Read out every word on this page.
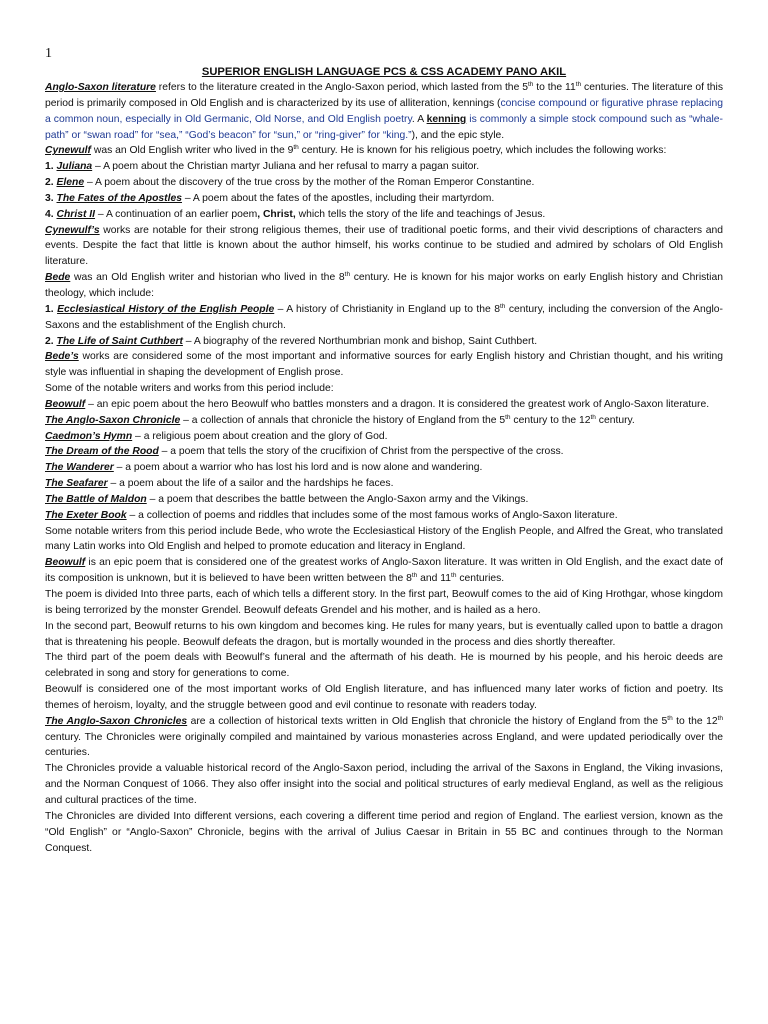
1
SUPERIOR ENGLISH LANGUAGE PCS & CSS ACADEMY PANO AKIL

Anglo-Saxon literature refers to the literature created in the Anglo-Saxon period, which lasted from the 5th to the 11th centuries. The literature of this period is primarily composed in Old English and is characterized by its use of alliteration, kennings (concise compound or figurative phrase replacing a common noun, especially in Old Germanic, Old Norse, and Old English poetry. A kenning is commonly a simple stock compound such as “whale-path” or “swan road” for “sea,” “God’s beacon” for “sun,” or “ring-giver” for “king.”), and the epic style.

Cynewulf was an Old English writer who lived in the 9th century. He is known for his religious poetry, which includes the following works:

1. Juliana – A poem about the Christian martyr Juliana and her refusal to marry a pagan suitor.

2. Elene – A poem about the discovery of the true cross by the mother of the Roman Emperor Constantine.

3. The Fates of the Apostles – A poem about the fates of the apostles, including their martyrdom.

4. Christ II – A continuation of an earlier poem, Christ, which tells the story of the life and teachings of Jesus.

Cynewulf’s works are notable for their strong religious themes, their use of traditional poetic forms, and their vivid descriptions of characters and events. Despite the fact that little is known about the author himself, his works continue to be studied and admired by scholars of Old English literature.

Bede was an Old English writer and historian who lived in the 8th century. He is known for his major works on early English history and Christian theology, which include:

1. Ecclesiastical History of the English People – A history of Christianity in England up to the 8th century, including the conversion of the Anglo-Saxons and the establishment of the English church.

2. The Life of Saint Cuthbert – A biography of the revered Northumbrian monk and bishop, Saint Cuthbert.

Bede’s works are considered some of the most important and informative sources for early English history and Christian thought, and his writing style was influential in shaping the development of English prose.

Some of the notable writers and works from this period include:

Beowulf – an epic poem about the hero Beowulf who battles monsters and a dragon. It is considered the greatest work of Anglo-Saxon literature.

The Anglo-Saxon Chronicle – a collection of annals that chronicle the history of England from the 5th century to the 12th century.

Caedmon’s Hymn – a religious poem about creation and the glory of God.

The Dream of the Rood – a poem that tells the story of the crucifixion of Christ from the perspective of the cross.

The Wanderer – a poem about a warrior who has lost his lord and is now alone and wandering.

The Seafarer – a poem about the life of a sailor and the hardships he faces.

The Battle of Maldon – a poem that describes the battle between the Anglo-Saxon army and the Vikings.

The Exeter Book – a collection of poems and riddles that includes some of the most famous works of Anglo-Saxon literature.

Some notable writers from this period include Bede, who wrote the Ecclesiastical History of the English People, and Alfred the Great, who translated many Latin works into Old English and helped to promote education and literacy in England.

Beowulf is an epic poem that is considered one of the greatest works of Anglo-Saxon literature. It was written in Old English, and the exact date of its composition is unknown, but it is believed to have been written between the 8th and 11th centuries.

The poem is divided Into three parts, each of which tells a different story. In the first part, Beowulf comes to the aid of King Hrothgar, whose kingdom is being terrorized by the monster Grendel. Beowulf defeats Grendel and his mother, and is hailed as a hero.

In the second part, Beowulf returns to his own kingdom and becomes king. He rules for many years, but is eventually called upon to battle a dragon that is threatening his people. Beowulf defeats the dragon, but is mortally wounded in the process and dies shortly thereafter.

The third part of the poem deals with Beowulf’s funeral and the aftermath of his death. He is mourned by his people, and his heroic deeds are celebrated in song and story for generations to come.

Beowulf is considered one of the most important works of Old English literature, and has influenced many later works of fiction and poetry. Its themes of heroism, loyalty, and the struggle between good and evil continue to resonate with readers today.

The Anglo-Saxon Chronicles are a collection of historical texts written in Old English that chronicle the history of England from the 5th to the 12th century. The Chronicles were originally compiled and maintained by various monasteries across England, and were updated periodically over the centuries.

The Chronicles provide a valuable historical record of the Anglo-Saxon period, including the arrival of the Saxons in England, the Viking invasions, and the Norman Conquest of 1066. They also offer insight into the social and political structures of early medieval England, as well as the religious and cultural practices of the time.

The Chronicles are divided Into different versions, each covering a different time period and region of England. The earliest version, known as the “Old English” or “Anglo-Saxon” Chronicle, begins with the arrival of Julius Caesar in Britain in 55 BC and continues through to the Norman Conquest.
